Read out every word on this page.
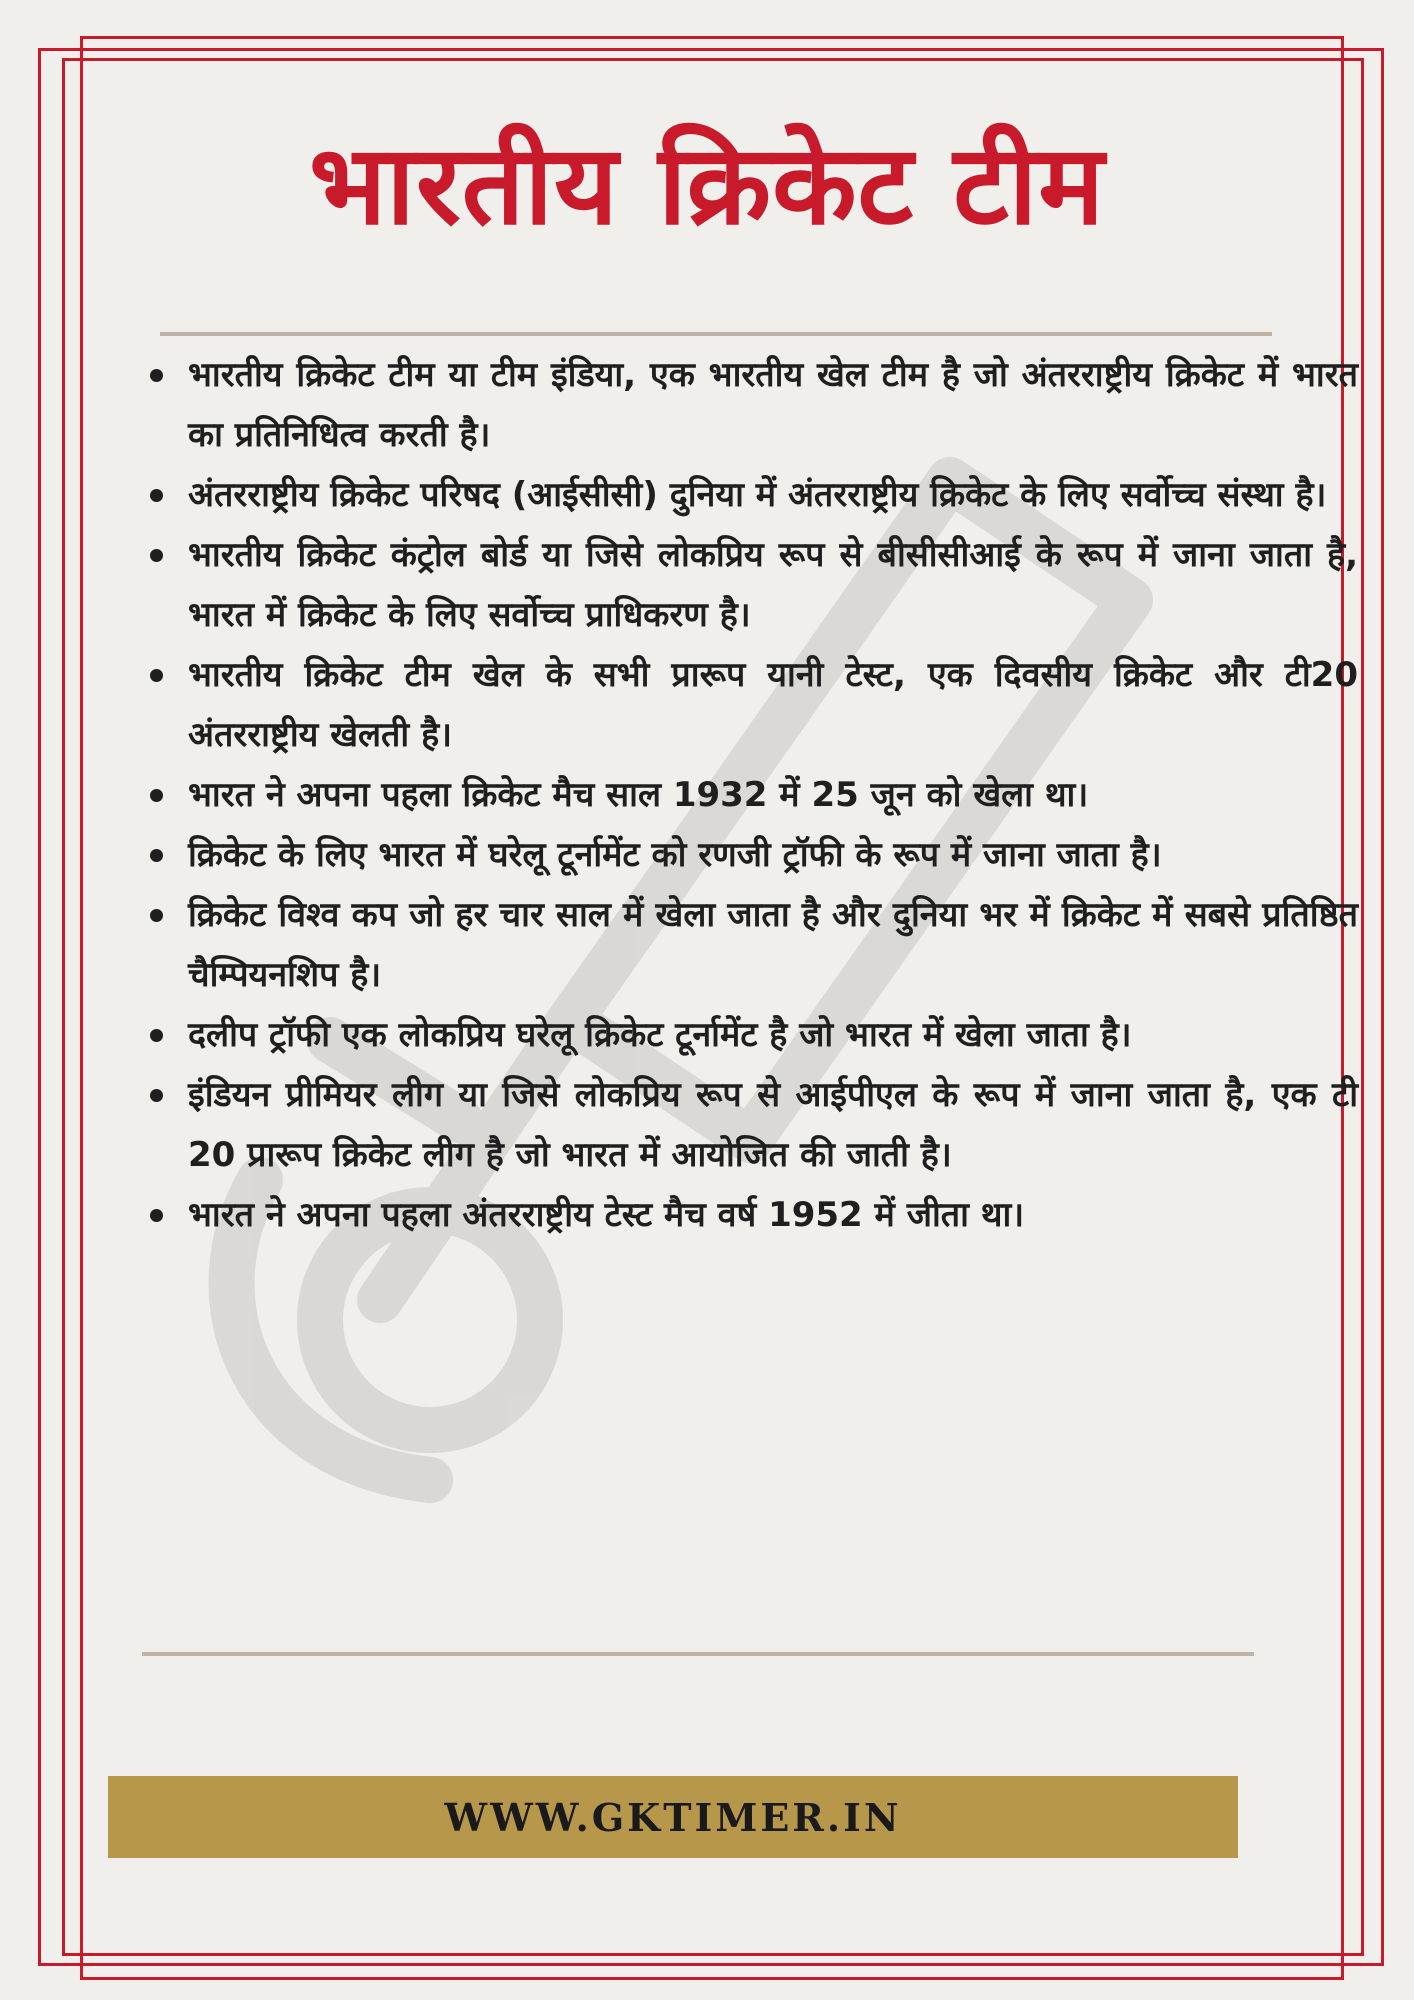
भारतीय क्रिकेट टीम
भारतीय क्रिकेट टीम या टीम इंडिया, एक भारतीय खेल टीम है जो अंतरराष्ट्रीय क्रिकेट में भारत का प्रतिनिधित्व करती है।
अंतरराष्ट्रीय क्रिकेट परिषद (आईसीसी) दुनिया में अंतरराष्ट्रीय क्रिकेट के लिए सर्वोच्च संस्था है।
भारतीय क्रिकेट कंट्रोल बोर्ड या जिसे लोकप्रिय रूप से बीसीसीआई के रूप में जाना जाता है, भारत में क्रिकेट के लिए सर्वोच्च प्राधिकरण है।
भारतीय क्रिकेट टीम खेल के सभी प्रारूप यानी टेस्ट, एक दिवसीय क्रिकेट और टी20 अंतरराष्ट्रीय खेलती है।
भारत ने अपना पहला क्रिकेट मैच साल 1932 में 25 जून को खेला था।
क्रिकेट के लिए भारत में घरेलू टूर्नामेंट को रणजी ट्रॉफी के रूप में जाना जाता है।
क्रिकेट विश्व कप जो हर चार साल में खेला जाता है और दुनिया भर में क्रिकेट में सबसे प्रतिष्ठित चैम्पियनशिप है।
दलीप ट्रॉफी एक लोकप्रिय घरेलू क्रिकेट टूर्नामेंट है जो भारत में खेला जाता है।
इंडियन प्रीमियर लीग या जिसे लोकप्रिय रूप से आईपीएल के रूप में जाना जाता है, एक टी 20 प्रारूप क्रिकेट लीग है जो भारत में आयोजित की जाती है।
भारत ने अपना पहला अंतरराष्ट्रीय टेस्ट मैच वर्ष 1952 में जीता था।
WWW.GKTIMER.IN
